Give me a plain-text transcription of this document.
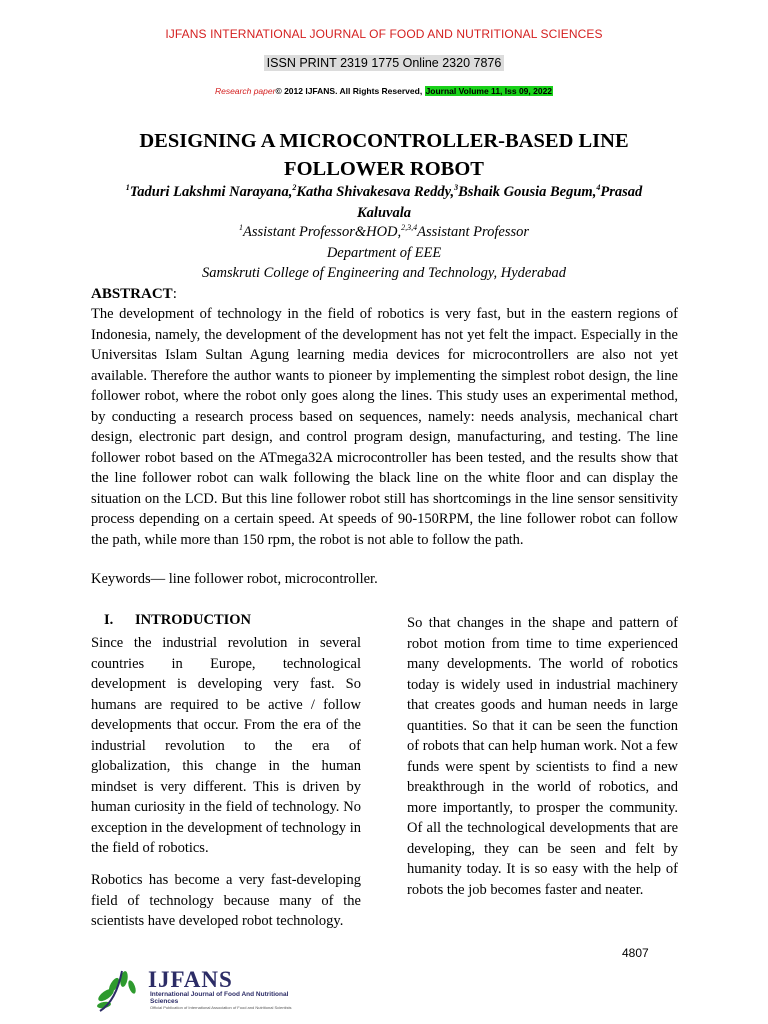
IJFANS INTERNATIONAL JOURNAL OF FOOD AND NUTRITIONAL SCIENCES
ISSN PRINT 2319 1775 Online 2320 7876
Research paper© 2012 IJFANS. All Rights Reserved, Journal Volume 11, Iss 09, 2022
DESIGNING A MICROCONTROLLER-BASED LINE
FOLLOWER ROBOT
$^1$Taduri Lakshmi Narayana,$^2$Katha Shivakesava Reddy,$^3$Bshaik Gousia Begum,$^4$Prasad Kaluvala
$^1$Assistant Professor&HOD,$^{2,3,4}$Assistant Professor
Department of EEE
Samskruti College of Engineering and Technology, Hyderabad
ABSTRACT:

The development of technology in the field of robotics is very fast, but in the eastern regions of Indonesia, namely, the development of the development has not yet felt the impact. Especially in the Universitas Islam Sultan Agung learning media devices for microcontrollers are also not yet available. Therefore the author wants to pioneer by implementing the simplest robot design, the line follower robot, where the robot only goes along the lines. This study uses an experimental method, by conducting a research process based on sequences, namely: needs analysis, mechanical chart design, electronic part design, and control program design, manufacturing, and testing. The line follower robot based on the ATmega32A microcontroller has been tested, and the results show that the line follower robot can walk following the black line on the white floor and can display the situation on the LCD. But this line follower robot still has shortcomings in the line sensor sensitivity process depending on a certain speed. At speeds of 90-150RPM, the line follower robot can follow the path, while more than 150 rpm, the robot is not able to follow the path.

Keywords— line follower robot, microcontroller.
I.      INTRODUCTION

Since the industrial revolution in several countries in Europe, technological development is developing very fast. So humans are required to be active / follow developments that occur. From the era of the industrial revolution to the era of globalization, this change in the human mindset is very different. This is driven by human curiosity in the field of technology. No exception in the development of technology in the field of robotics.

Robotics has become a very fast-developing field of technology because many of the scientists have developed robot technology.

So that changes in the shape and pattern of robot motion from time to time experienced many developments. The world of robotics today is widely used in industrial machinery that creates goods and human needs in large quantities. So that it can be seen the function of robots that can help human work. Not a few funds were spent by scientists to find a new breakthrough in the world of robotics, and more importantly, to prosper the community. Of all the technological developments that are developing, they can be seen and felt by humanity today. It is so easy with the help of robots the job becomes faster and neater.

4807
IJFANS
International Journal of Food And Nutritional Sciences
Official Publication of International Association of Food and Nutritional Scientists
